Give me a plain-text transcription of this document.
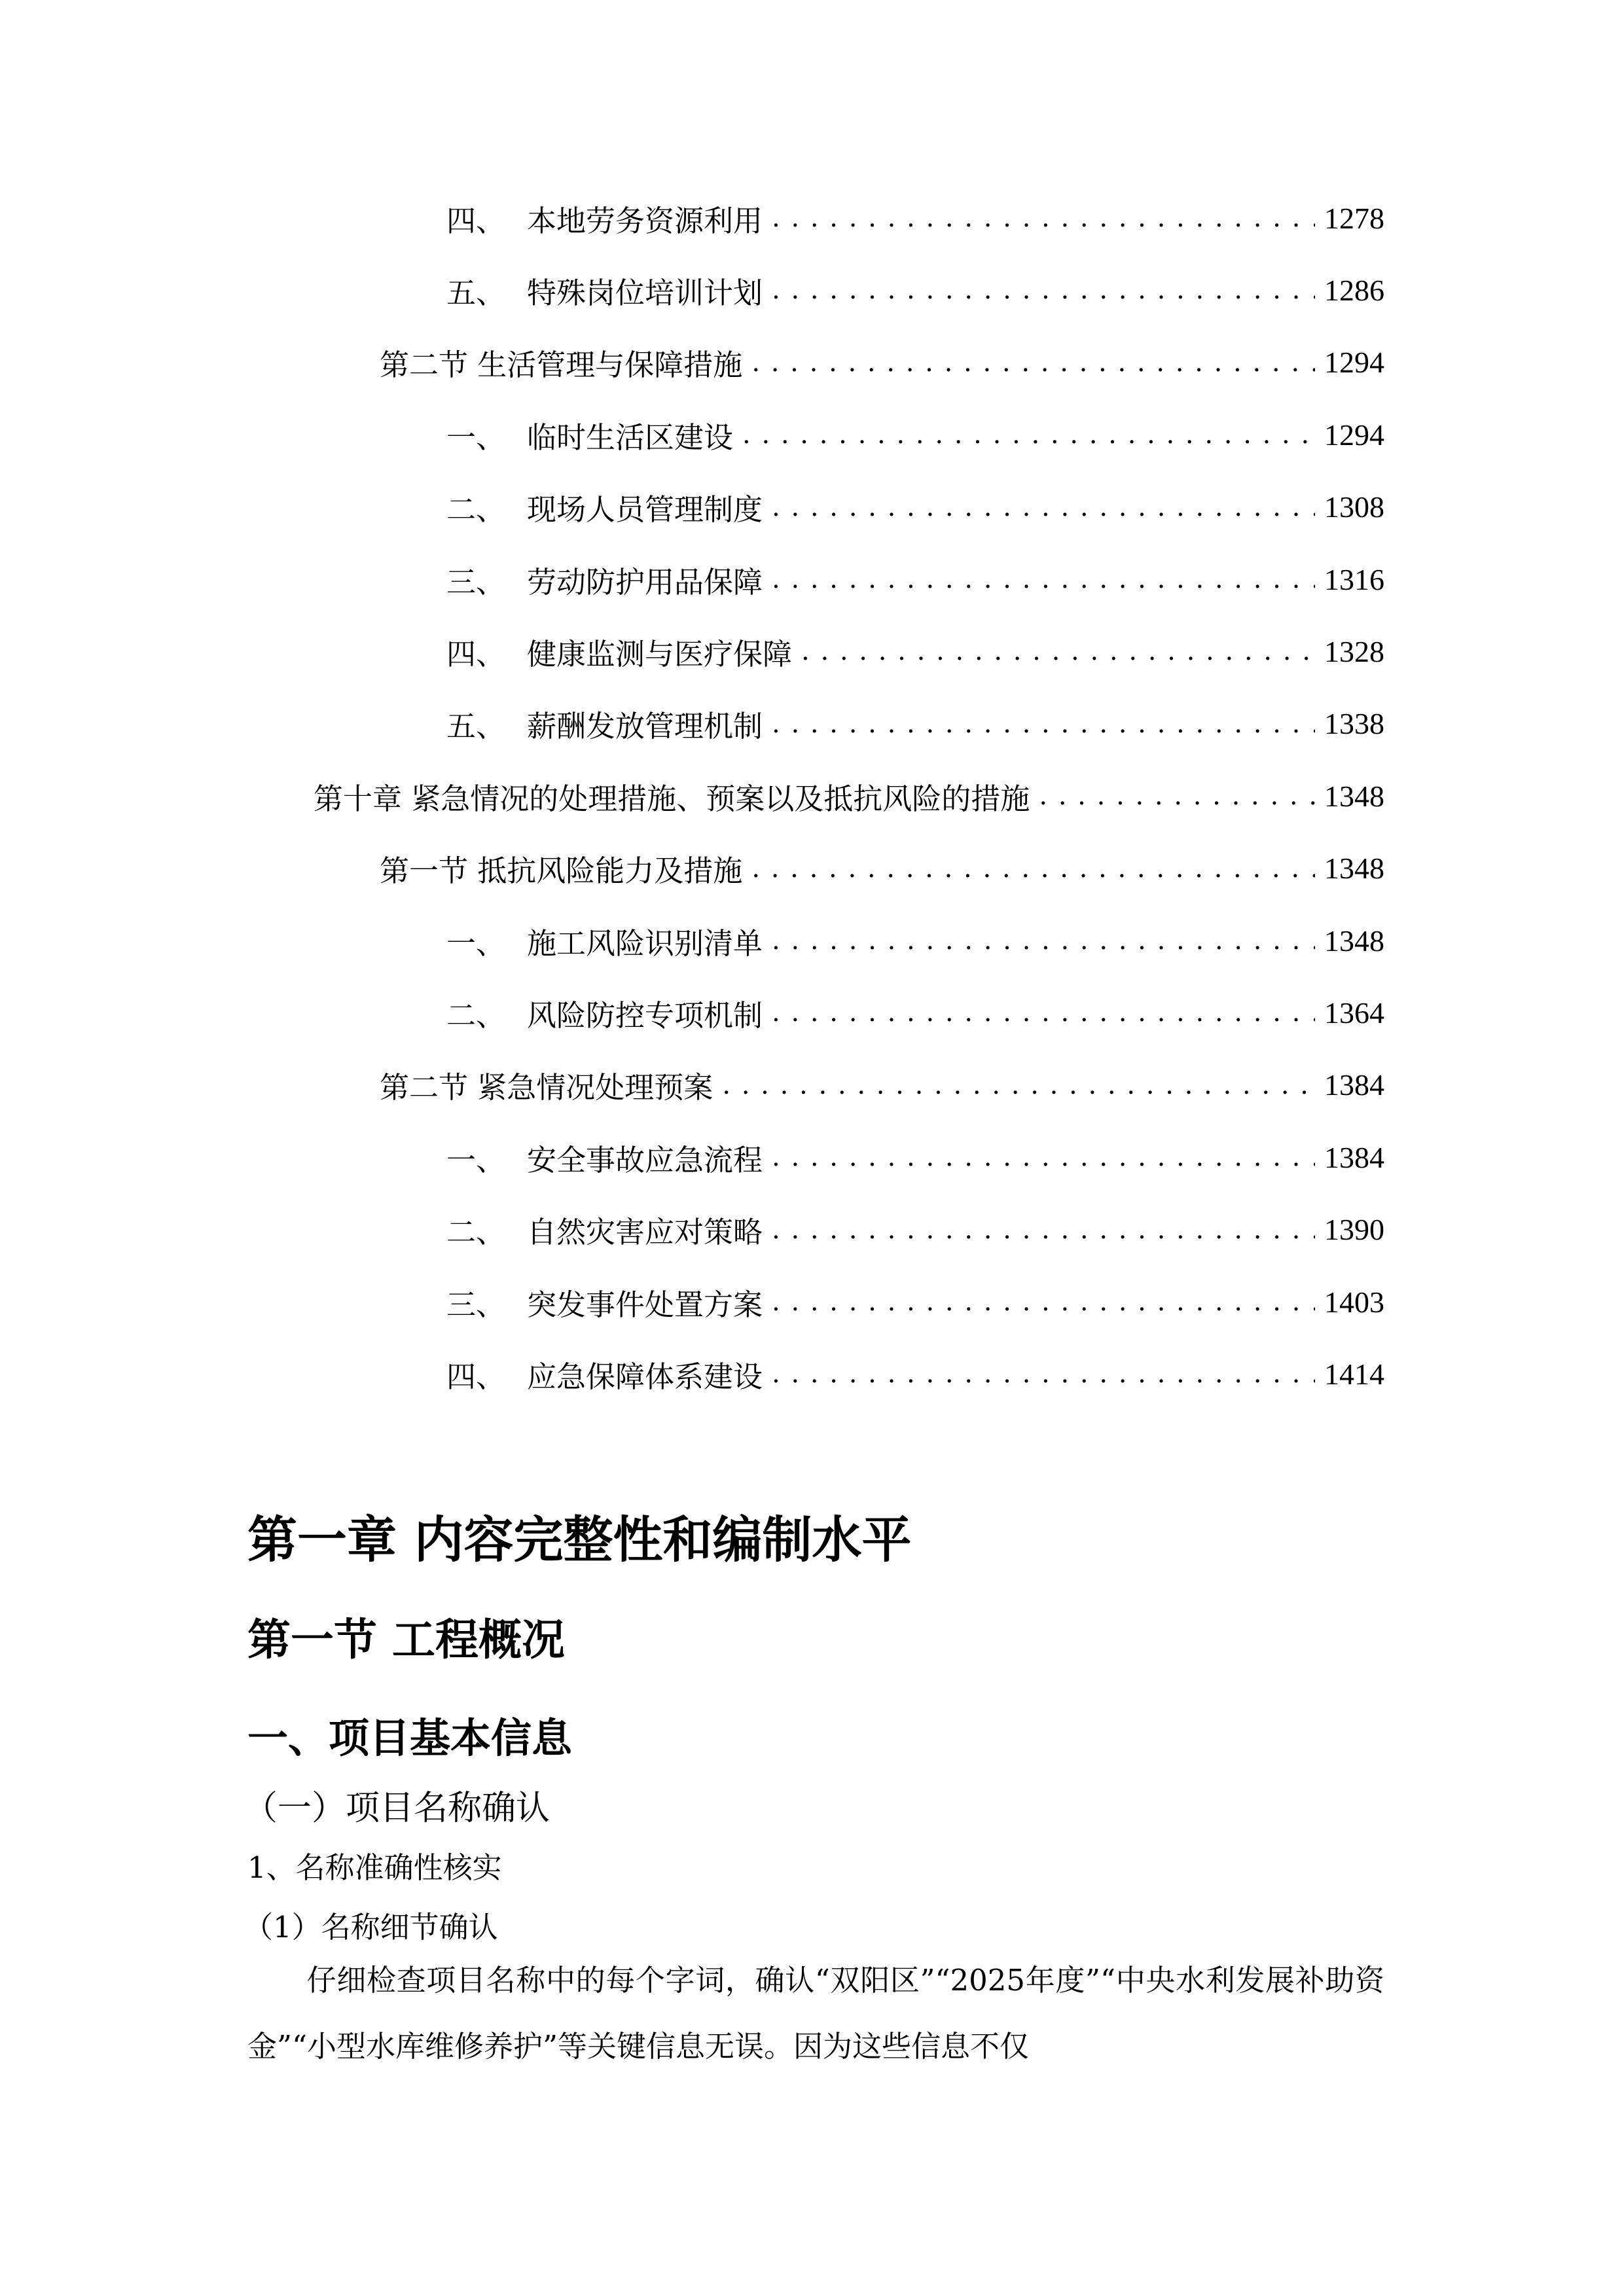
四、 本地劳务资源利用 . . .	1278
五、 特殊岗位培训计划 . . .	1286
第二节 生活管理与保障措施 . . .	1294
一、 临时生活区建设 . . .	1294
二、 现场人员管理制度 . . .	1308
三、 劳动防护用品保障 . . .	1316
四、 健康监测与医疗保障 . . .	1328
五、 薪酬发放管理机制 . . .	1338
第十章 紧急情况的处理措施、预案以及抵抗风险的措施 . . .	1348
第一节 抵抗风险能力及措施 . . .	1348
一、 施工风险识别清单 . . .	1348
二、 风险防控专项机制 . . .	1364
第二节 紧急情况处理预案 . . .	1384
一、 安全事故应急流程 . . .	1384
二、 自然灾害应对策略 . . .	1390
三、 突发事件处置方案 . . .	1403
四、 应急保障体系建设 . . .	1414
第一章 内容完整性和编制水平
第一节 工程概况
一、项目基本信息
（一）项目名称确认
1、名称准确性核实
（1）名称细节确认
仔细检查项目名称中的每个字词，确认“双阳区”“2025年度”“中央水利发展补助资金”“小型水库维修养护”等关键信息无误。因为这些信息不仅
